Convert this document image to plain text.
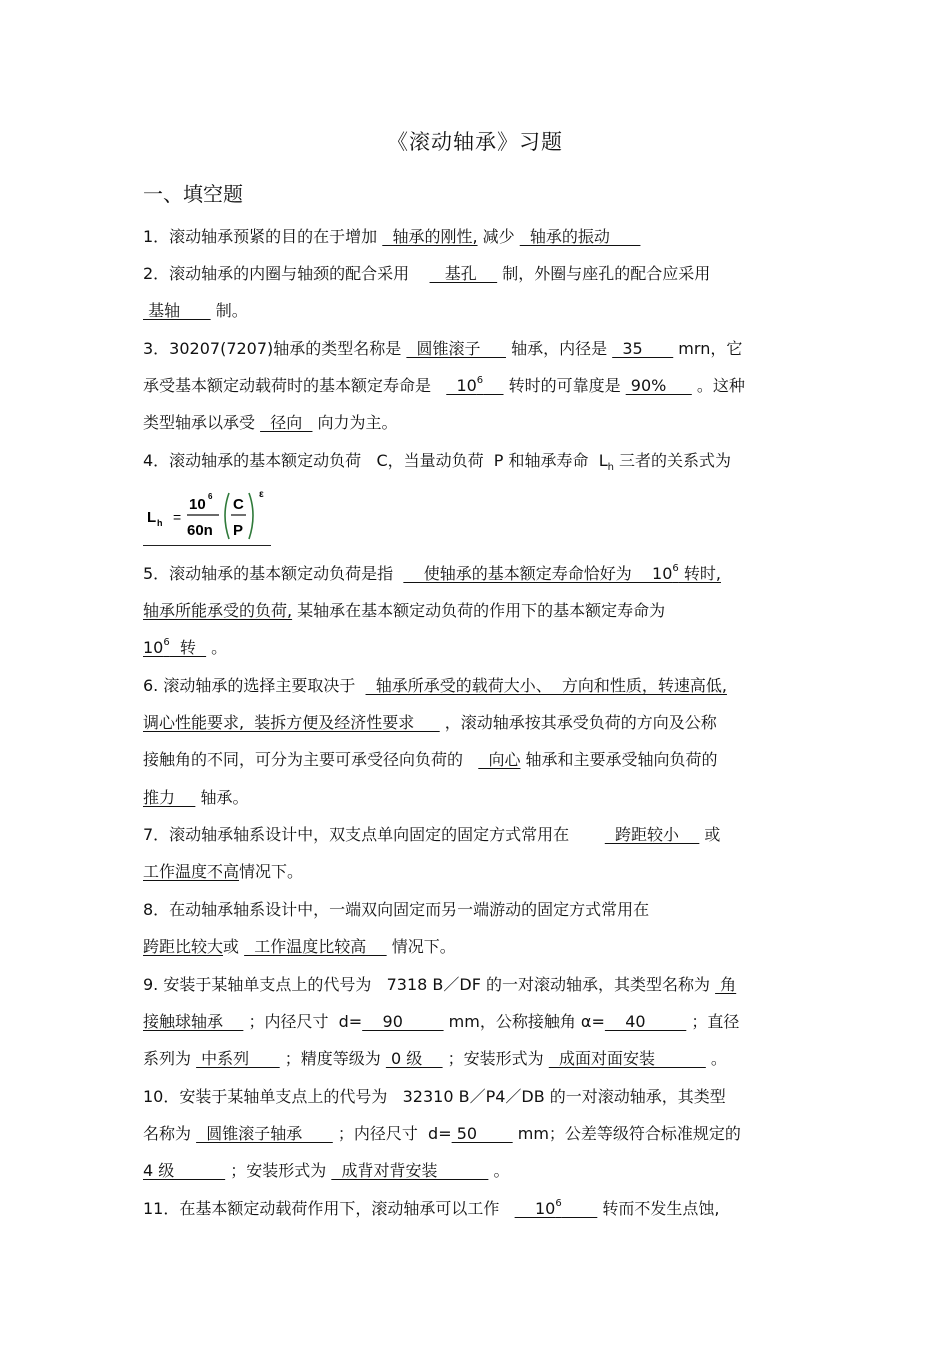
《滚动轴承》习题
一、填空题
1．滚动轴承预紧的目的在于增加   轴承的刚性, 减少   轴承的振动
2．滚动轴承的内圈与轴颈的配合采用       基孔     制，外圈与座孔的配合应采用
基轴       制。
3．30207(7207)轴承的类型名称是   圆锥滚子      轴承，内径是   35       mrn，它
承受基本额定动载荷时的基本额定寿命是     $10^6$     转时的可靠度是  90%      。这种
类型轴承以承受   径向   向力为主。
4．滚动轴承的基本额定动负荷   C，当量动负荷  P 和轴承寿命  $L_h$ 三者的关系式为
L h =
10 6
60n
C
P
ε
5．滚动轴承的基本额定动负荷是指      使轴承的基本额定寿命恰好为    $10^6$ 转时,
轴承所能承受的负荷, 某轴承在基本额定动负荷的作用下的基本额定寿命为
$10^6$  转   。
6. 滚动轴承的选择主要取决于    轴承所承受的载荷大小、  方向和性质，转速高低,
调心性能要求,  装拆方便及经济性要求      ，滚动轴承按其承受负荷的方向及公称
接触角的不同，可分为主要可承受径向负荷的     向心 轴承和主要承受轴向负荷的
推力     轴承。
7．滚动轴承轴系设计中，双支点单向固定的固定方式常用在         跨距较小     或
工作温度不高情况下。
8．在动轴承轴系设计中，一端双向固定而另一端游动的固定方式常用在
跨距比较大或   工作温度比较高     情况下。
9. 安装于某轴单支点上的代号为   7318 B／DF 的一对滚动轴承，其类型名称为  角
接触球轴承     ；内径尺寸  d=    90         mm，公称接触角 α=    40         ；直径
系列为  中系列       ；精度等级为  0 级     ；安装形式为   成面对面安装           。
10．安装于某轴单支点上的代号为   32310 B／P4／DB 的一对滚动轴承，其类型
名称为   圆锥滚子轴承       ；内径尺寸  d= 50        mm；公差等级符合标准规定的
4 级           ；安装形式为   成背对背安装           。
11．在基本额定动载荷作用下，滚动轴承可以工作       $10^6$        转而不发生点蚀,
